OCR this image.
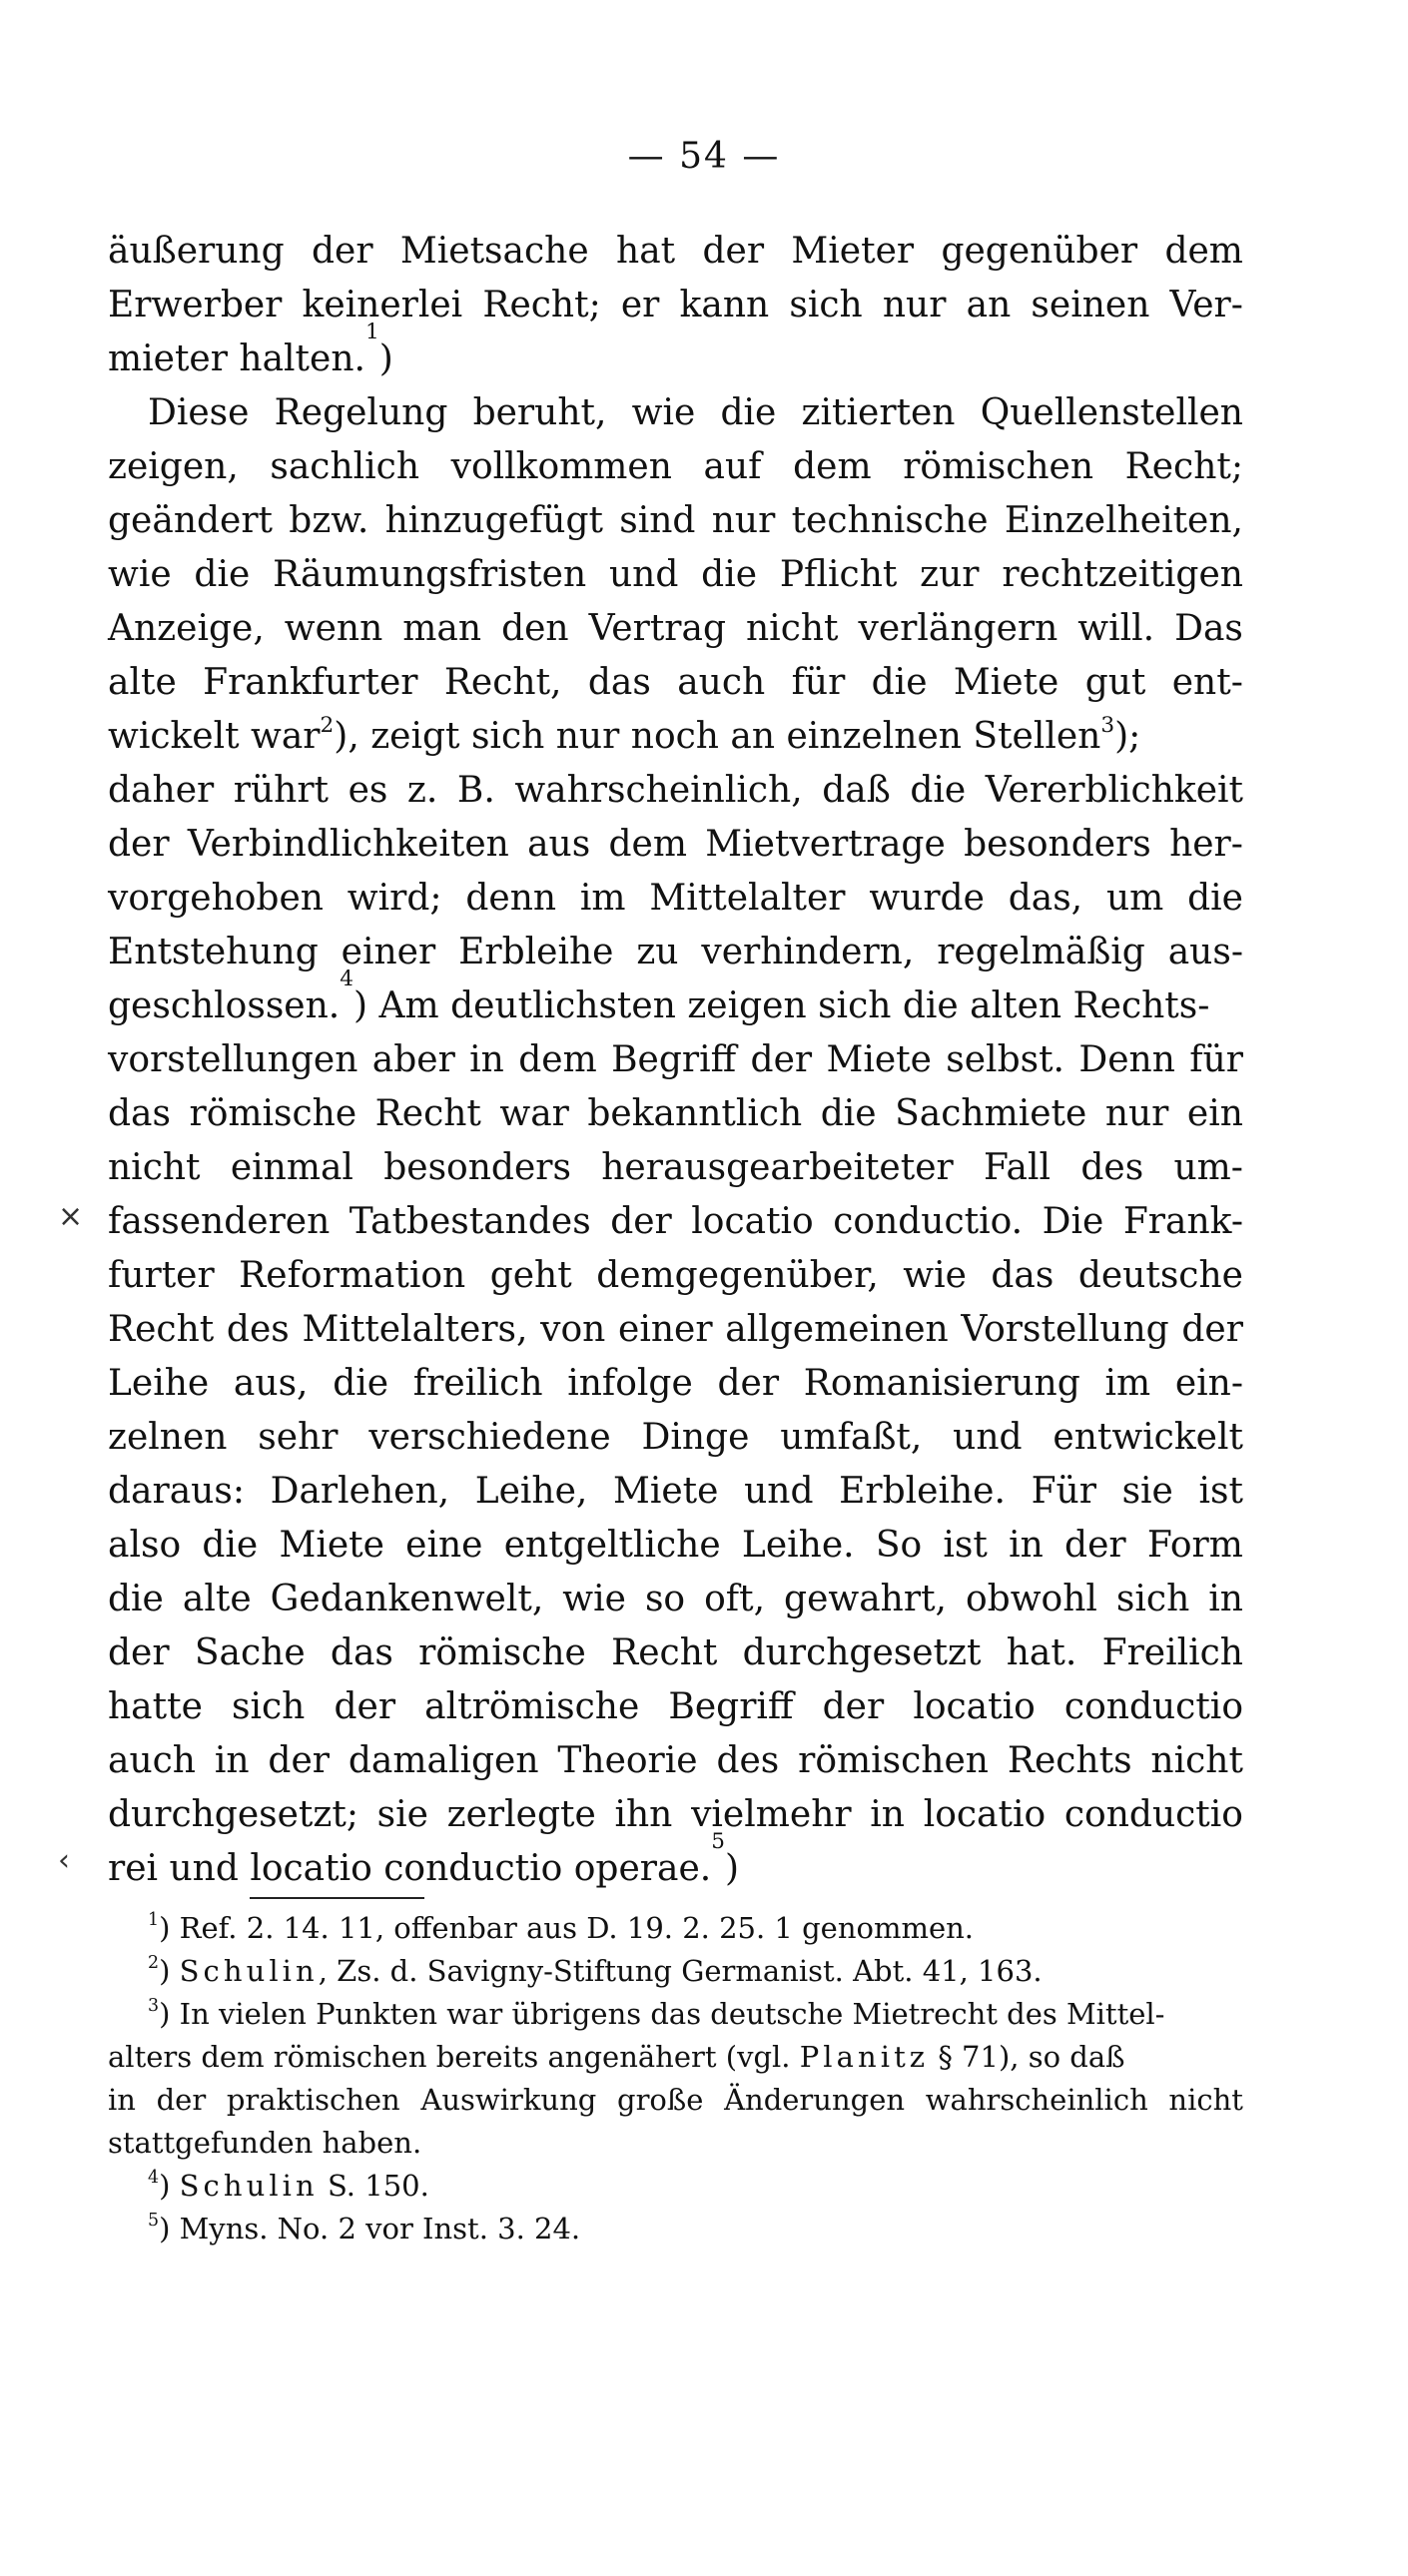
— 54 —
äußerung der Mietsache hat der Mieter gegenüber dem
Erwerber keinerlei Recht; er kann sich nur an seinen Ver-
mieter halten.
1
)
Diese Regelung beruht, wie die zitierten Quellenstellen
zeigen, sachlich vollkommen auf dem römischen Recht;
geändert bzw. hinzugefügt sind nur technische Einzelheiten,
wie die Räumungsfristen und die Pflicht zur rechtzeitigen
Anzeige, wenn man den Vertrag nicht verlängern will. Das
alte Frankfurter Recht, das auch für die Miete gut ent-
wickelt war$^2$), zeigt sich nur noch an einzelnen Stellen$^3$);
daher rührt es z. B. wahrscheinlich, daß die Vererblichkeit
der Verbindlichkeiten aus dem Mietvertrage besonders her-
vorgehoben wird; denn im Mittelalter wurde das, um die
Entstehung einer Erbleihe zu verhindern, regelmäßig aus-
geschlossen.
4
) Am deutlichsten zeigen sich die alten Rechts-
vorstellungen aber in dem Begriff der Miete selbst. Denn für
das römische Recht war bekanntlich die Sachmiete nur ein
nicht einmal besonders herausgearbeiteter Fall des um-
fassenderen Tatbestandes der locatio conductio. Die Frank-
furter Reformation geht demgegenüber, wie das deutsche
Recht des Mittelalters, von einer allgemeinen Vorstellung der
Leihe aus, die freilich infolge der Romanisierung im ein-
zelnen sehr verschiedene Dinge umfaßt, und entwickelt
daraus: Darlehen, Leihe, Miete und Erbleihe. Für sie ist
also die Miete eine entgeltliche Leihe. So ist in der Form
die alte Gedankenwelt, wie so oft, gewahrt, obwohl sich in
der Sache das römische Recht durchgesetzt hat. Freilich
hatte sich der altrömische Begriff der locatio conductio
auch in der damaligen Theorie des römischen Rechts nicht
durchgesetzt; sie zerlegte ihn vielmehr in locatio conductio
rei und locatio conductio operae.
5
)
×
‹
$^1$) Ref. 2. 14. 11, offenbar aus D. 19. 2. 25. 1 genommen.
$^2$) Schulin, Zs. d. Savigny-Stiftung Germanist. Abt. 41, 163.
$^3$) In vielen Punkten war übrigens das deutsche Mietrecht des Mittel-
alters dem römischen bereits angenähert (vgl. Planitz § 71), so daß
in der praktischen Auswirkung große Änderungen wahrscheinlich nicht
stattgefunden haben.
$^4$) Schulin S. 150.
$^5$) Myns. No. 2 vor Inst. 3. 24.
